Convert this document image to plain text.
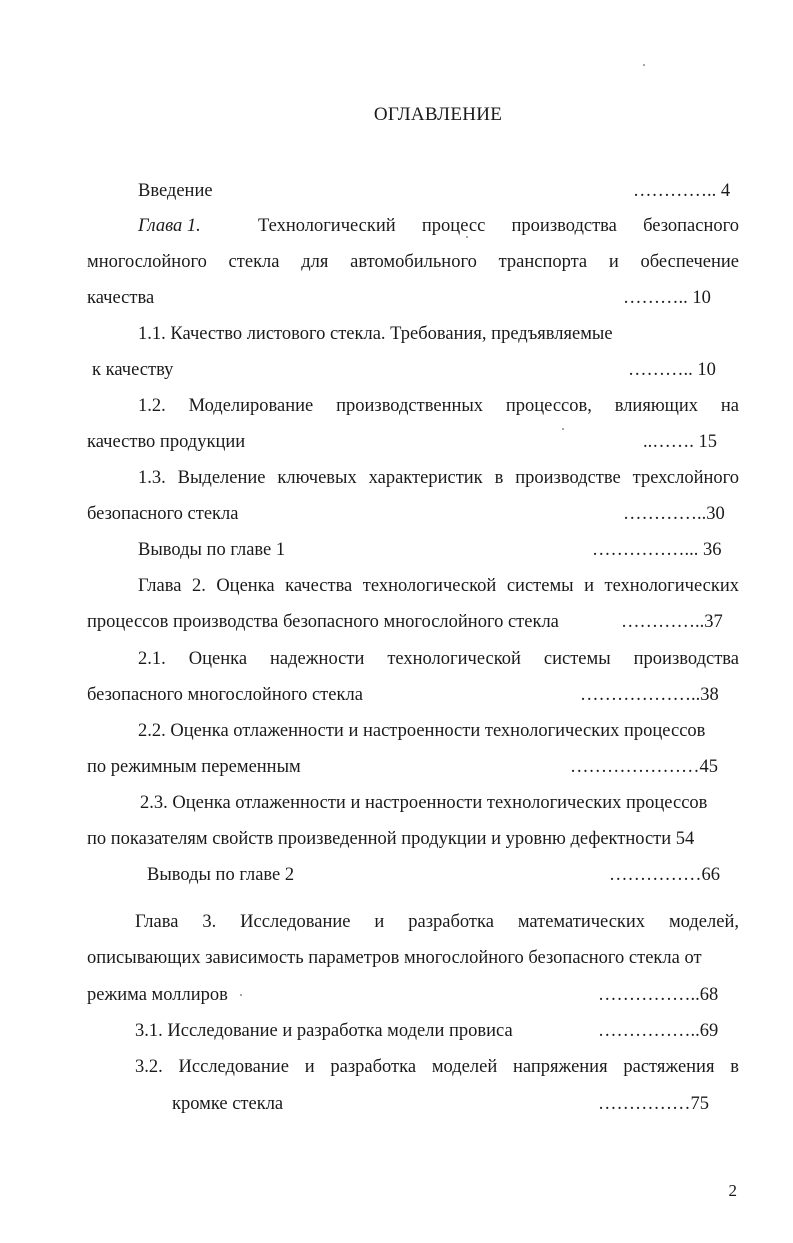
ОГЛАВЛЕНИЕ
Введение	………….. 4
Глава 1.	Технологический процесс производства безопасного
многослойного стекла для автомобильного транспорта и обеспечение
качества	……….. 10
1.1. Качество листового стекла. Требования, предъявляемые
к качеству	……….. 10
1.2. Моделирование производственных процессов, влияющих на
качество продукции	..……. 15
1.3. Выделение ключевых характеристик в производстве трехслойного
безопасного стекла	…………..30
Выводы по главе 1	……………... 36
Глава 2. Оценка качества технологической системы и технологических
процессов производства безопасного многослойного стекла	…………..37
2.1. Оценка надежности технологической системы производства
безопасного многослойного стекла	………………..38
2.2. Оценка отлаженности и настроенности технологических процессов
по режимным переменным	…………………45
2.3. Оценка отлаженности и настроенности технологических процессов
по показателям свойств произведенной продукции и уровню дефектности 54
Выводы по главе 2	……………66
Глава 3. Исследование и разработка математических моделей,
описывающих зависимость параметров многослойного безопасного стекла от
режима моллиров	……………..68
3.1. Исследование и разработка модели провиса	……………..69
3.2. Исследование и разработка моделей напряжения растяжения в
кромке стекла	……………75
2
